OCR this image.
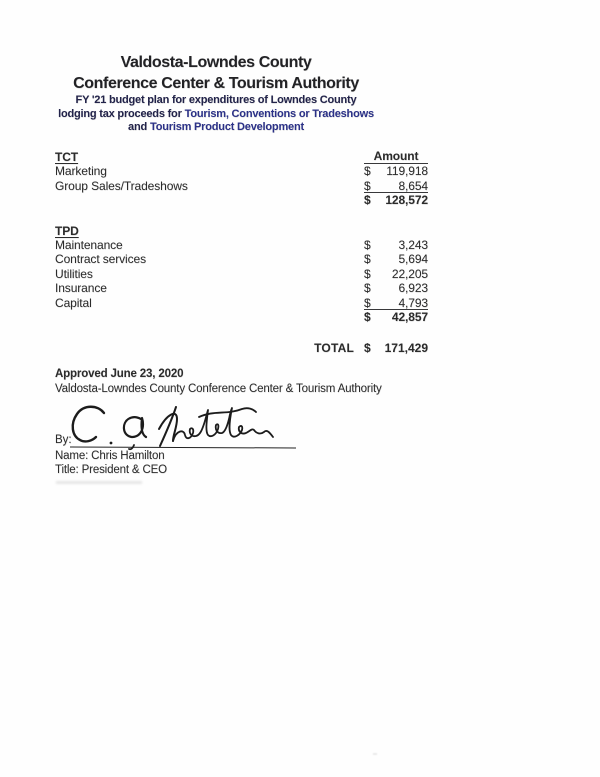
Valdosta-Lowndes County
Conference Center & Tourism Authority
FY '21 budget plan for expenditures of Lowndes County
lodging tax proceeds for Tourism, Conventions or Tradeshows
and Tourism Product Development
TCT	Amount
Marketing	$ 119,918
Group Sales/Tradeshows	$ 8,654
$ 128,572
TPD
Maintenance	$ 3,243
Contract services	$ 5,694
Utilities	$ 22,205
Insurance	$ 6,923
Capital	$ 4,793
$ 42,857
TOTAL $ 171,429
Approved June 23, 2020
Valdosta-Lowndes County Conference Center & Tourism Authority
By:
Name: Chris Hamilton
Title: President & CEO
